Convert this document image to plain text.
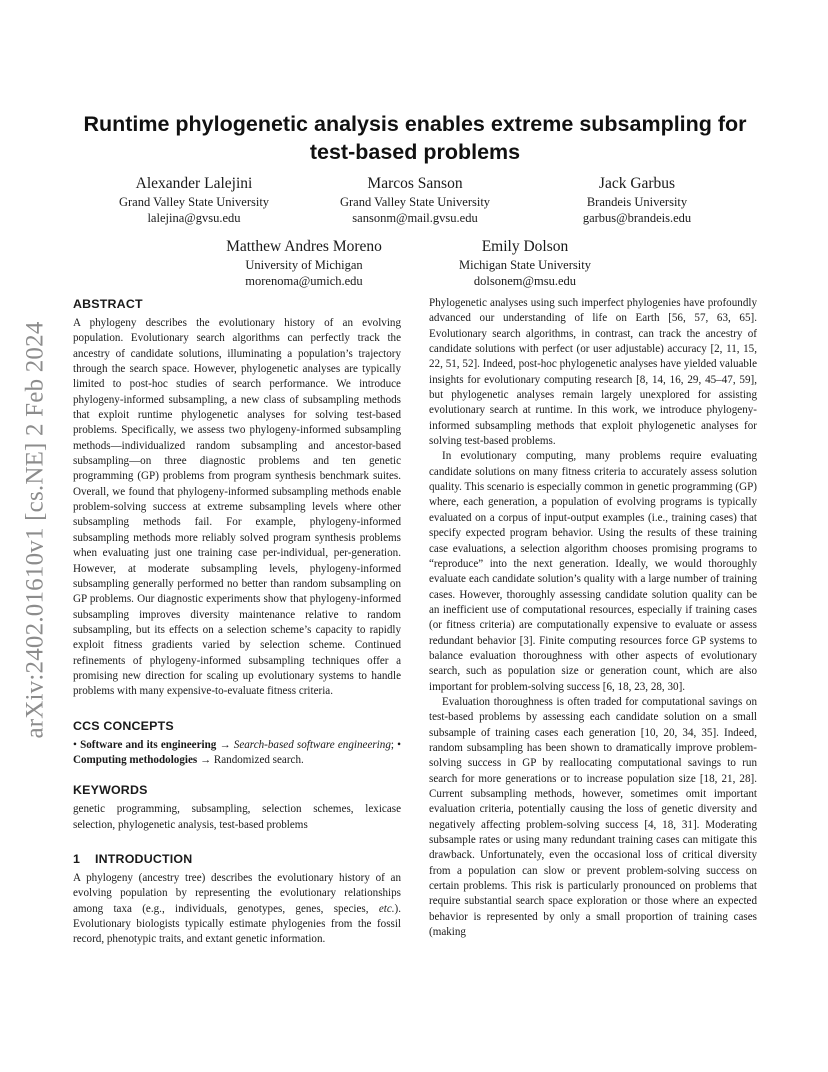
arXiv:2402.01610v1 [cs.NE] 2 Feb 2024
Runtime phylogenetic analysis enables extreme subsampling for test-based problems
Alexander Lalejini
Grand Valley State University
lalejina@gvsu.edu
Marcos Sanson
Grand Valley State University
sansonm@mail.gvsu.edu
Jack Garbus
Brandeis University
garbus@brandeis.edu
Matthew Andres Moreno
University of Michigan
morenoma@umich.edu
Emily Dolson
Michigan State University
dolsonem@msu.edu
ABSTRACT

A phylogeny describes the evolutionary history of an evolving population. Evolutionary search algorithms can perfectly track the ancestry of candidate solutions, illuminating a population’s trajectory through the search space. However, phylogenetic analyses are typically limited to post-hoc studies of search performance. We introduce phylogeny-informed subsampling, a new class of subsampling methods that exploit runtime phylogenetic analyses for solving test-based problems. Specifically, we assess two phylogeny-informed subsampling methods—individualized random subsampling and ancestor-based subsampling—on three diagnostic problems and ten genetic programming (GP) problems from program synthesis benchmark suites. Overall, we found that phylogeny-informed subsampling methods enable problem-solving success at extreme subsampling levels where other subsampling methods fail. For example, phylogeny-informed subsampling methods more reliably solved program synthesis problems when evaluating just one training case per-individual, per-generation. However, at moderate subsampling levels, phylogeny-informed subsampling generally performed no better than random subsampling on GP problems. Our diagnostic experiments show that phylogeny-informed subsampling improves diversity maintenance relative to random subsampling, but its effects on a selection scheme’s capacity to rapidly exploit fitness gradients varied by selection scheme. Continued refinements of phylogeny-informed subsampling techniques offer a promising new direction for scaling up evolutionary systems to handle problems with many expensive-to-evaluate fitness criteria.

CCS CONCEPTS

• Software and its engineering → Search-based software engineering; • Computing methodologies → Randomized search.

KEYWORDS

genetic programming, subsampling, selection schemes, lexicase selection, phylogenetic analysis, test-based problems

1 INTRODUCTION

A phylogeny (ancestry tree) describes the evolutionary history of an evolving population by representing the evolutionary relationships among taxa (e.g., individuals, genotypes, genes, species, etc.). Evolutionary biologists typically estimate phylogenies from the fossil record, phenotypic traits, and extant genetic information.

Phylogenetic analyses using such imperfect phylogenies have profoundly advanced our understanding of life on Earth [56, 57, 63, 65]. Evolutionary search algorithms, in contrast, can track the ancestry of candidate solutions with perfect (or user adjustable) accuracy [2, 11, 15, 22, 51, 52]. Indeed, post-hoc phylogenetic analyses have yielded valuable insights for evolutionary computing research [8, 14, 16, 29, 45–47, 59], but phylogenetic analyses remain largely unexplored for assisting evolutionary search at runtime. In this work, we introduce phylogeny-informed subsampling methods that exploit phylogenetic analyses for solving test-based problems.

In evolutionary computing, many problems require evaluating candidate solutions on many fitness criteria to accurately assess solution quality. This scenario is especially common in genetic programming (GP) where, each generation, a population of evolving programs is typically evaluated on a corpus of input-output examples (i.e., training cases) that specify expected program behavior. Using the results of these training case evaluations, a selection algorithm chooses promising programs to “reproduce” into the next generation. Ideally, we would thoroughly evaluate each candidate solution’s quality with a large number of training cases. However, thoroughly assessing candidate solution quality can be an inefficient use of computational resources, especially if training cases (or fitness criteria) are computationally expensive to evaluate or assess redundant behavior [3]. Finite computing resources force GP systems to balance evaluation thoroughness with other aspects of evolutionary search, such as population size or generation count, which are also important for problem-solving success [6, 18, 23, 28, 30].

Evaluation thoroughness is often traded for computational savings on test-based problems by assessing each candidate solution on a small subsample of training cases each generation [10, 20, 34, 35]. Indeed, random subsampling has been shown to dramatically improve problem-solving success in GP by reallocating computational savings to run search for more generations or to increase population size [18, 21, 28]. Current subsampling methods, however, sometimes omit important evaluation criteria, potentially causing the loss of genetic diversity and negatively affecting problem-solving success [4, 18, 31]. Moderating subsample rates or using many redundant training cases can mitigate this drawback. Unfortunately, even the occasional loss of critical diversity from a population can slow or prevent problem-solving success on certain problems. This risk is particularly pronounced on problems that require substantial search space exploration or those where an expected behavior is represented by only a small proportion of training cases (making
